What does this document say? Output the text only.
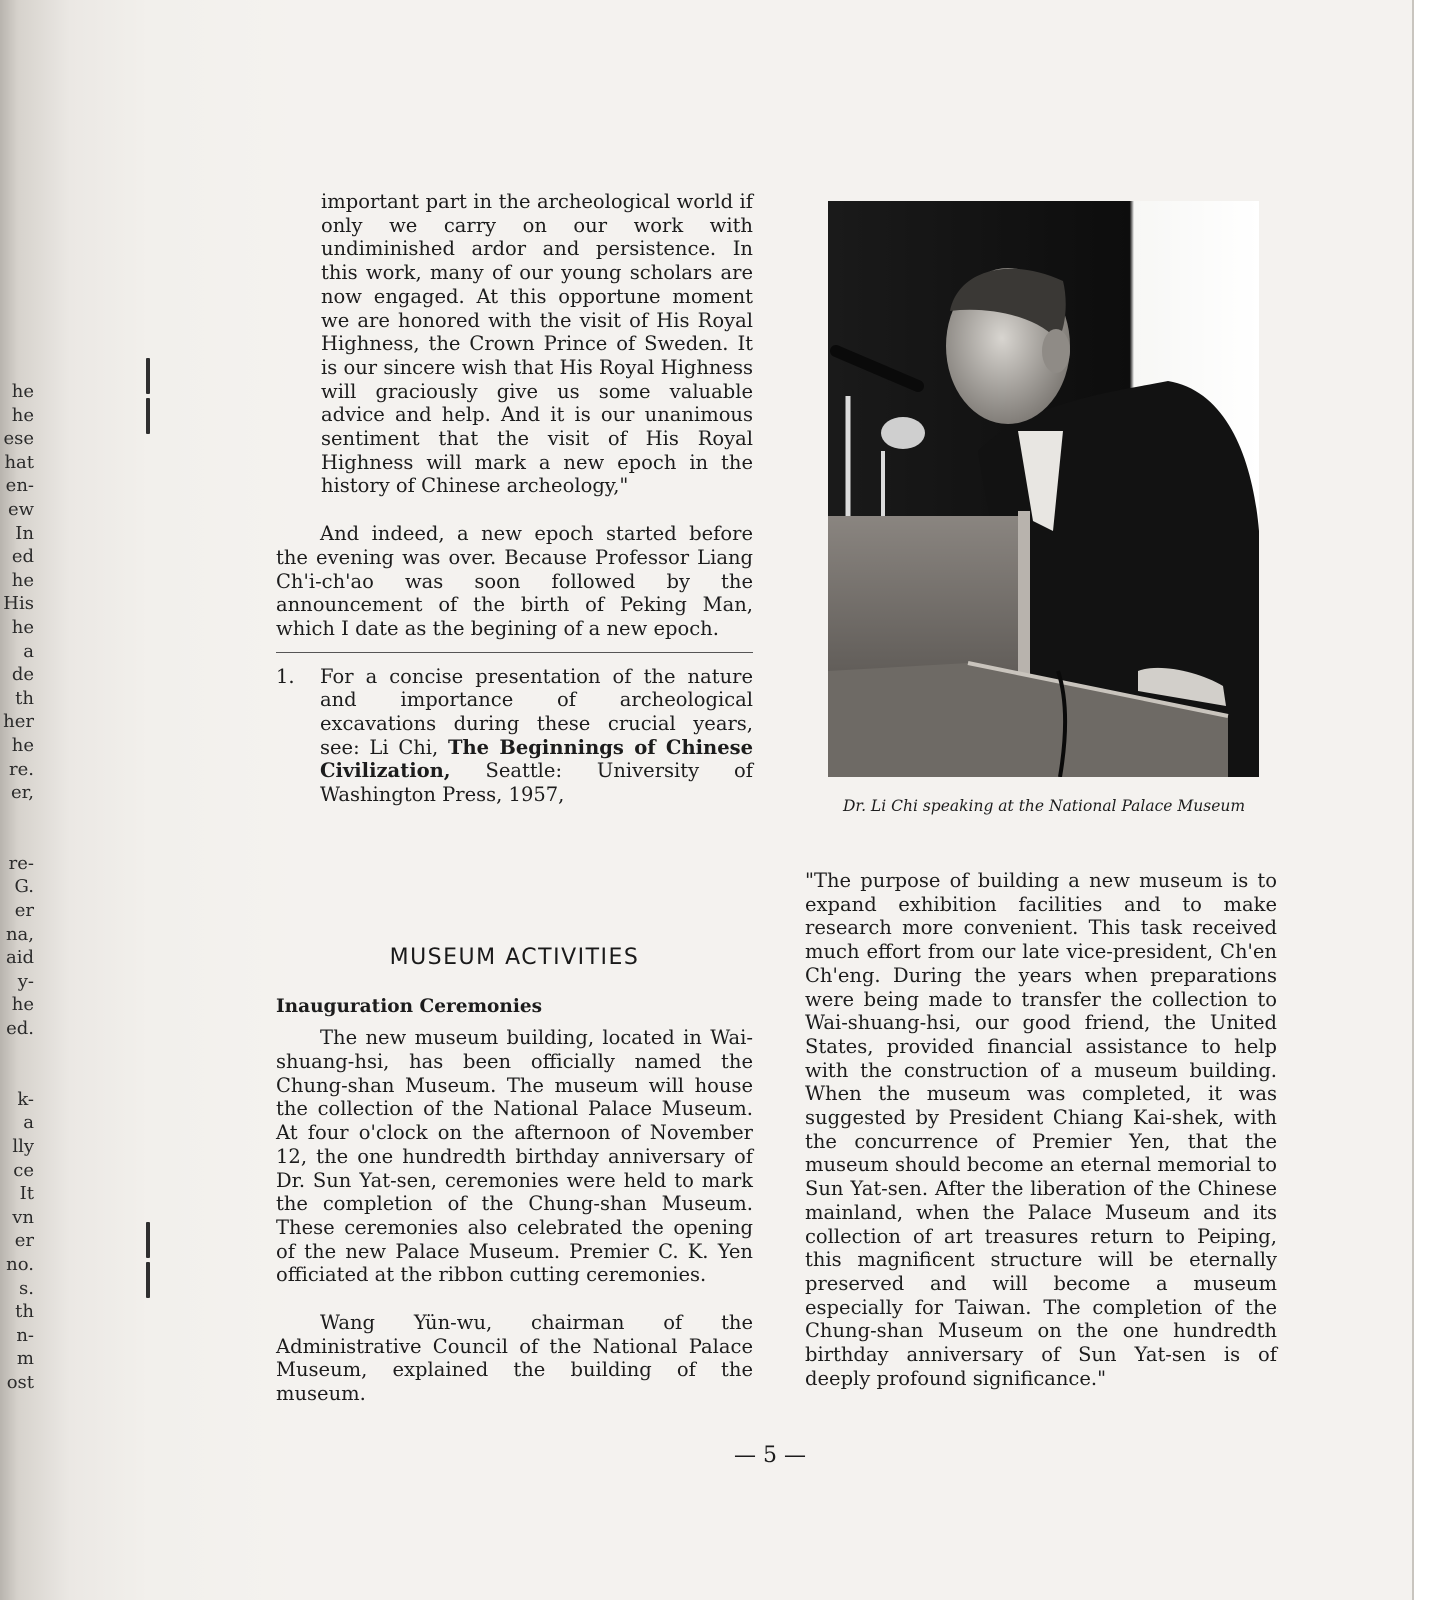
he
he
ese
hat
en-
ew
In
ed
he
His
he
a
de
th
her
he
re.
er,

re-
G.
er
na,
aid
y-
he
ed.

k-
a
lly
ce
It
vn
er
no.
s.
th
n-
m
ost

important part in the archeological world if only we carry on our work with undiminished ardor and persistence. In this work, many of our young scholars are now engaged. At this opportune moment we are honored with the visit of His Royal Highness, the Crown Prince of Sweden. It is our sincere wish that His Royal Highness will graciously give us some valuable advice and help. And it is our unanimous sentiment that the visit of His Royal Highness will mark a new epoch in the history of Chinese archeology,"

And indeed, a new epoch started before the evening was over. Because Professor Liang Ch'i-ch'ao was soon followed by the announcement of the birth of Peking Man, which I date as the begining of a new epoch.

1.	For a concise presentation of the nature and importance of archeological excavations during these crucial years, see: Li Chi, The Beginnings of Chinese Civilization, Seattle: University of Washington Press, 1957,

MUSEUM ACTIVITIES

Inauguration Ceremonies

The new museum building, located in Wai-shuang-hsi, has been officially named the Chung-shan Museum. The museum will house the collection of the National Palace Museum. At four o'clock on the afternoon of November 12, the one hundredth birthday anniversary of Dr. Sun Yat-sen, ceremonies were held to mark the completion of the Chung-shan Museum. These ceremonies also celebrated the opening of the new Palace Museum. Premier C. K. Yen officiated at the ribbon cutting ceremonies.

Wang Yün-wu, chairman of the Administrative Council of the National Palace Museum, explained the building of the museum.

Dr. Li Chi speaking at the National Palace Museum

"The purpose of building a new museum is to expand exhibition facilities and to make research more convenient. This task received much effort from our late vice-president, Ch'en Ch'eng. During the years when preparations were being made to transfer the collection to Wai-shuang-hsi, our good friend, the United States, provided financial assistance to help with the construction of a museum building. When the museum was completed, it was suggested by President Chiang Kai-shek, with the concurrence of Premier Yen, that the museum should become an eternal memorial to Sun Yat-sen. After the liberation of the Chinese mainland, when the Palace Museum and its collection of art treasures return to Peiping, this magnificent structure will be eternally preserved and will become a museum especially for Taiwan. The completion of the Chung-shan Museum on the one hundredth birthday anniversary of Sun Yat-sen is of deeply profound significance."

— 5 —
